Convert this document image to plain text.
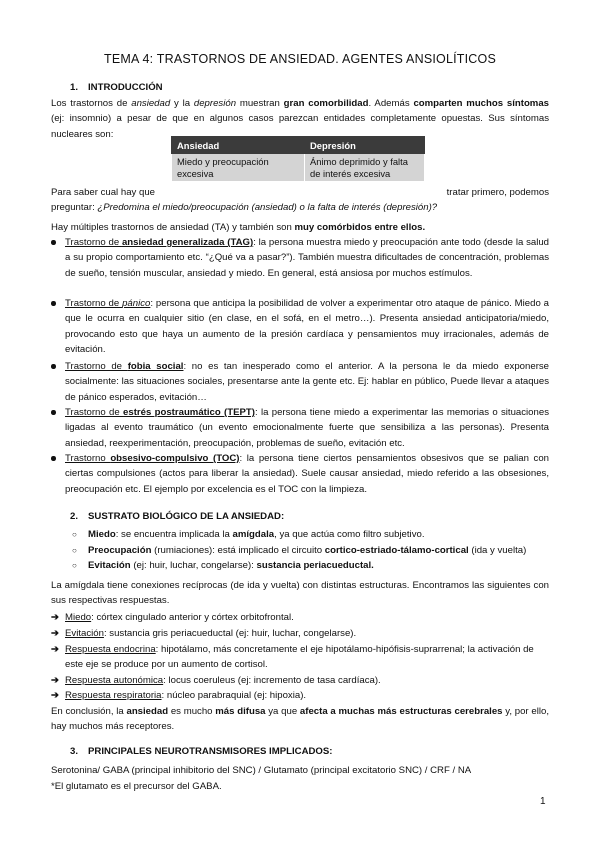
TEMA 4: TRASTORNOS DE ANSIEDAD. AGENTES ANSIOLÍTICOS
1. INTRODUCCIÓN
Los trastornos de ansiedad y la depresión muestran gran comorbilidad. Además comparten muchos síntomas (ej: insomnio) a pesar de que en algunos casos parezcan entidades completamente opuestas. Sus síntomas nucleares son:
Ansiedad	Depresión
Miedo y preocupación excesiva	Ánimo deprimido y falta de interés excesiva
Para saber cual hay que	tratar primero, podemos
preguntar: ¿Predomina el miedo/preocupación (ansiedad) o la falta de interés (depresión)?
Hay múltiples trastornos de ansiedad (TA) y también son muy comórbidos entre ellos.
Trastorno de ansiedad generalizada (TAG): la persona muestra miedo y preocupación ante todo (desde la salud a su propio comportamiento etc. “¿Qué va a pasar?”). También muestra dificultades de concentración, problemas de sueño, tensión muscular, ansiedad y miedo. En general, está ansiosa por muchos estímulos.
Trastorno de pánico: persona que anticipa la posibilidad de volver a experimentar otro ataque de pánico. Miedo a que le ocurra en cualquier sitio (en clase, en el sofá, en el metro…). Presenta ansiedad anticipatoria/miedo, provocando esto que haya un aumento de la presión cardíaca y pensamientos muy irracionales, además de evitación.
Trastorno de fobia social: no es tan inesperado como el anterior. A la persona le da miedo exponerse socialmente: las situaciones sociales, presentarse ante la gente etc. Ej: hablar en público, Puede llevar a ataques de pánico esperados, evitación…
Trastorno de estrés postraumático (TEPT): la persona tiene miedo a experimentar las memorias o situaciones ligadas al evento traumático (un evento emocionalmente fuerte que sensibiliza a las personas). Presenta ansiedad, reexperimentación, preocupación, problemas de sueño, evitación etc.
Trastorno obsesivo-compulsivo (TOC): la persona tiene ciertos pensamientos obsesivos que se palian con ciertas compulsiones (actos para liberar la ansiedad). Suele causar ansiedad, miedo referido a las obsesiones, preocupación etc. El ejemplo por excelencia es el TOC con la limpieza.
2. SUSTRATO BIOLÓGICO DE LA ANSIEDAD:
○ Miedo: se encuentra implicada la amígdala, ya que actúa como filtro subjetivo.
○ Preocupación (rumiaciones): está implicado el circuito cortico-estriado-tálamo-cortical (ida y vuelta)
○ Evitación (ej: huir, luchar, congelarse): sustancia periacueductal.
La amígdala tiene conexiones recíprocas (de ida y vuelta) con distintas estructuras. Encontramos las siguientes con sus respectivas respuestas.
➔ Miedo: córtex cingulado anterior y córtex orbitofrontal.
➔ Evitación: sustancia gris periacueductal (ej: huir, luchar, congelarse).
➔ Respuesta endocrina: hipotálamo, más concretamente el eje hipotálamo-hipófisis-suprarrenal; la activación de este eje se produce por un aumento de cortisol.
➔ Respuesta autonómica: locus coeruleus (ej: incremento de tasa cardíaca).
➔ Respuesta respiratoria: núcleo parabraquial (ej: hipoxia).
En conclusión, la ansiedad es mucho más difusa ya que afecta a muchas más estructuras cerebrales y, por ello, hay muchos más receptores.
3. PRINCIPALES NEUROTRANSMISORES IMPLICADOS:
Serotonina/ GABA (principal inhibitorio del SNC) / Glutamato (principal excitatorio SNC) / CRF / NA
*El glutamato es el precursor del GABA.
1
